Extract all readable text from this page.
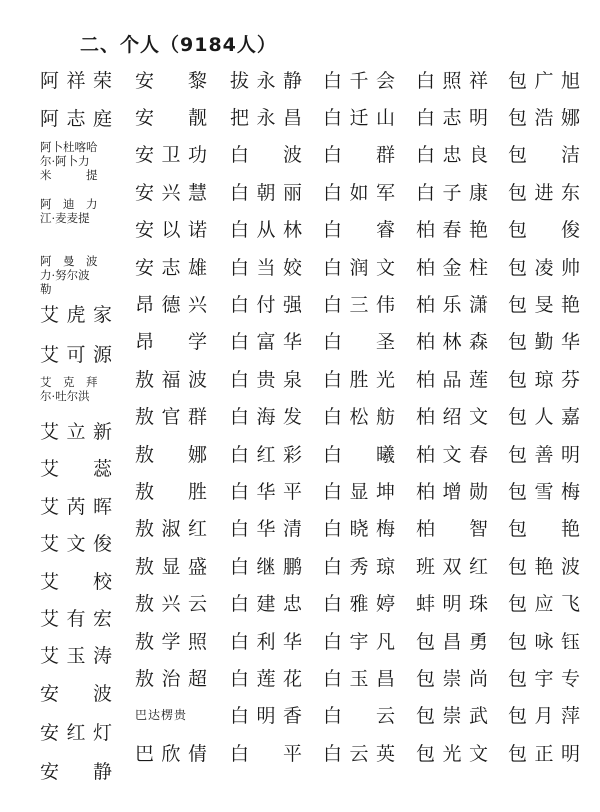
二、个人（9184人）
阿 祥 荣
阿 志 庭
阿卜杜喀哈
尔·阿卜力
米　　　提
阿　迪　力
江·麦麦提
阿　曼　波
力·努尔波
勒
艾 虎 家
艾 可 源
艾　克　拜
尔·吐尔洪
艾 立 新
艾 蕊
艾 芮 晖
艾 文 俊
艾 校
艾 有 宏
艾 玉 涛
安 波
安 红 灯
安 静
安 黎
安 靓
安 卫 功
安 兴 慧
安 以 诺
安 志 雄
昂 德 兴
昂 学
敖 福 波
敖 官 群
敖 娜
敖 胜
敖 淑 红
敖 显 盛
敖 兴 云
敖 学 照
敖 治 超
巴达楞贵
巴 欣 倩
拔 永 静
把 永 昌
白 波
白 朝 丽
白 从 林
白 当 姣
白 付 强
白 富 华
白 贵 泉
白 海 发
白 红 彩
白 华 平
白 华 清
白 继 鹏
白 建 忠
白 利 华
白 莲 花
白 明 香
白 平
白 千 会
白 迁 山
白 群
白 如 军
白 睿
白 润 文
白 三 伟
白 圣
白 胜 光
白 松 舫
白 曦
白 显 坤
白 晓 梅
白 秀 琼
白 雅 婷
白 宇 凡
白 玉 昌
白 云
白 云 英
白 照 祥
白 志 明
白 忠 良
白 子 康
柏 春 艳
柏 金 柱
柏 乐 潇
柏 林 森
柏 品 莲
柏 绍 文
柏 文 春
柏 增 勋
柏 智
班 双 红
蚌 明 珠
包 昌 勇
包 崇 尚
包 崇 武
包 光 文
包 广 旭
包 浩 娜
包 洁
包 进 东
包 俊
包 凌 帅
包 旻 艳
包 勤 华
包 琼 芬
包 人 嘉
包 善 明
包 雪 梅
包 艳
包 艳 波
包 应 飞
包 咏 钰
包 宇 专
包 月 萍
包 正 明
